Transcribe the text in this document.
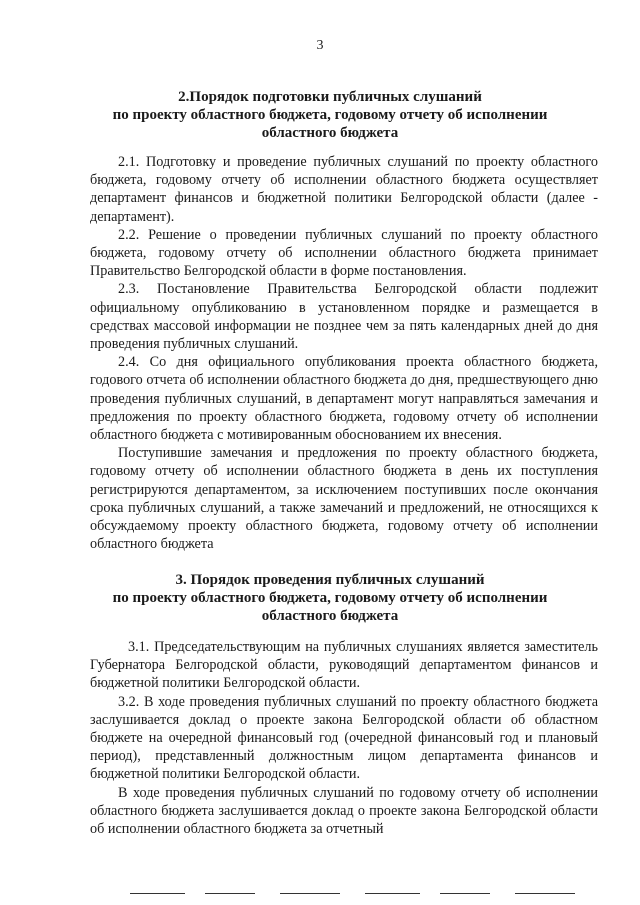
3
2.Порядок подготовки публичных слушаний
по проекту областного бюджета, годовому отчету об исполнении
областного бюджета

2.1. Подготовку и проведение публичных слушаний по проекту областного бюджета, годовому отчету об исполнении областного бюджета осуществляет департамент финансов и бюджетной политики Белгородской области (далее - департамент).

2.2. Решение о проведении публичных слушаний по проекту областного бюджета, годовому отчету об исполнении областного бюджета принимает Правительство Белгородской области в форме постановления.

2.3. Постановление Правительства Белгородской области подлежит официальному опубликованию в установленном порядке и размещается в средствах массовой информации не позднее чем за пять календарных дней до дня проведения публичных слушаний.

2.4. Со дня официального опубликования проекта областного бюджета, годового отчета об исполнении областного бюджета до дня, предшествующего дню проведения публичных слушаний, в департамент могут направляться замечания и предложения по проекту областного бюджета, годовому отчету об исполнении областного бюджета с мотивированным обоснованием их внесения.

Поступившие замечания и предложения по проекту областного бюджета, годовому отчету об исполнении областного бюджета в день их поступления регистрируются департаментом, за исключением поступивших после окончания срока публичных слушаний, а также замечаний и предложений, не относящихся к обсуждаемому проекту областного бюджета, годовому отчету об исполнении областного бюджета

3. Порядок проведения публичных слушаний
по проекту областного бюджета, годовому отчету об исполнении
областного бюджета

3.1. Председательствующим на публичных слушаниях является заместитель Губернатора Белгородской области, руководящий департаментом финансов и бюджетной политики Белгородской области.

3.2. В ходе проведения публичных слушаний по проекту областного бюджета заслушивается доклад о проекте закона Белгородской области об областном бюджете на очередной финансовый год (очередной финансовый год и плановый период), представленный должностным лицом департамента финансов и бюджетной политики Белгородской области.

В ходе проведения публичных слушаний по годовому отчету об исполнении областного бюджета заслушивается доклад о проекте закона Белгородской области об исполнении областного бюджета за отчетный
